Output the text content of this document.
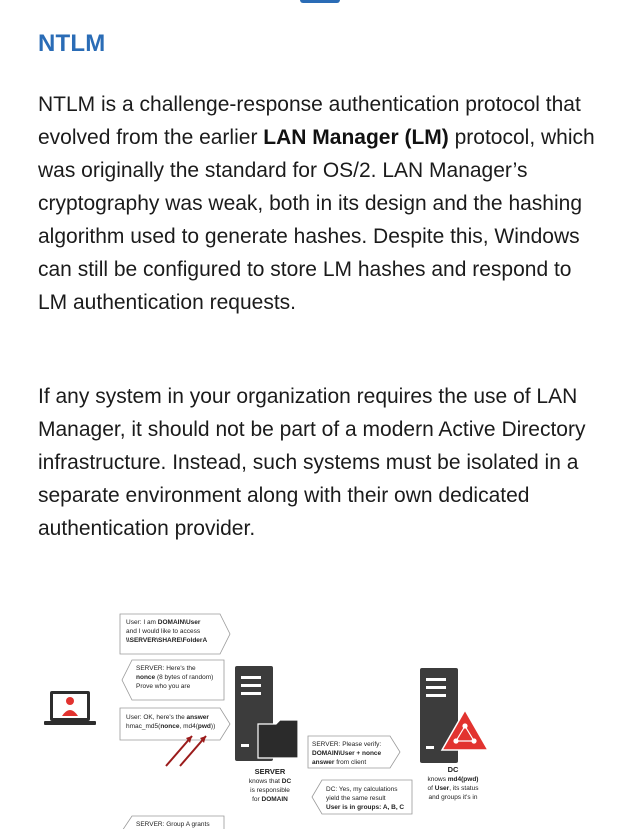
NTLM

NTLM is a challenge-response authentication protocol that evolved from the earlier LAN Manager (LM) protocol, which was originally the standard for OS/2. LAN Manager’s cryptography was weak, both in its design and the hashing algorithm used to generate hashes. Despite this, Windows can still be configured to store LM hashes and respond to LM authentication requests.

If any system in your organization requires the use of LAN Manager, it should not be part of a modern Active Directory infrastructure. Instead, such systems must be isolated in a separate environment along with their own dedicated authentication provider.

User: I am DOMAIN\User
and I would like to access
\\SERVER\SHARE\FolderA
SERVER: Here's the
nonce (8 bytes of random)
Prove who you are
User: OK, here's the answer
hmac_md5(nonce, md4(pwd))
SERVER: Please verify:
DOMAIN\User + nonce
answer from client
SERVER
knows that DC
is responsible
for DOMAIN
DC: Yes, my calculations
yield the same result
User is in groups: A, B, C
DC
knows md4(pwd)
of User, its status
and groups it's in
SERVER: Group A grants
